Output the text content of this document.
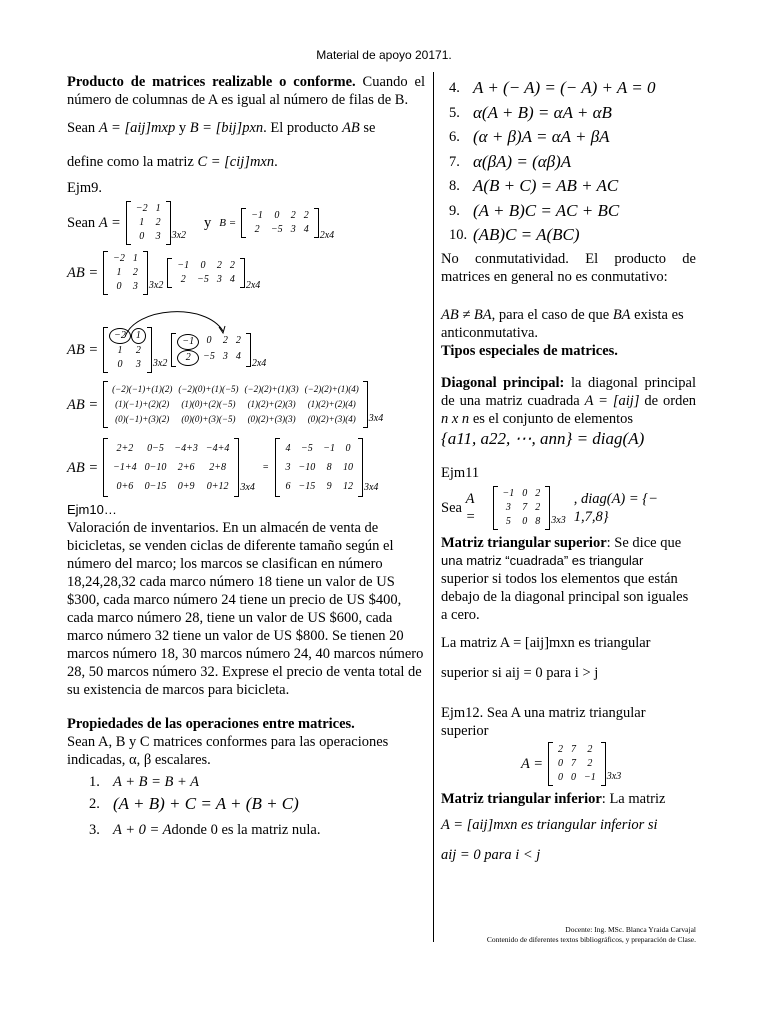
Material de apoyo 20171.

Producto de matrices realizable o conforme. Cuando el número de columnas de A es igual al número de filas de B.

Sean A = [aij]mxp y B = [bij]pxn. El producto AB se
define como la matriz C = [cij]mxn.

Ejm9.

Sean
A =
−2 1
1	2
0	3	3x2
y B =
−1	0	2 2
2	−5 3 4
2x4
AB =
−2 1
1	2
0	3	3x2
−1	0	2 2
2	−5 3 4
2x4
AB =
−2	1
1	2
0	3	3x2
−1	0	2 2
2	−5 3 4
2x4
AB =
(−2)(−1)+(1)(2) (−2)(0)+(1)(−5) (−2)(2)+(1)(3) (−2)(2)+(1)(4)
(1)(−1)+(2)(2)	(1)(0)+(2)(−5)	(1)(2)+(2)(3)	(1)(2)+(2)(4)
(0)(−1)+(3)(2)	(0)(0)+(3)(−5)	(0)(2)+(3)(3)	(0)(2)+(3)(4)	3x4
AB =
2+2	0−5	−4+3 −4+4
−1+4 0−10	2+6	2+8
0+6	0−15	0+9	0+12	3x4
=
4	−5	−1	0
3 −10	8	10
6 −15	9	12	3x4

Ejm10…

Valoración de inventarios. En un almacén de venta de bicicletas, se venden ciclas de diferente tamaño según el número del marco; los marcos se clasifican en número 18,24,28,32 cada marco número 18 tiene un valor de US $300, cada marco número 24 tiene un precio de US $400, cada marco número 28, tiene un valor de US $600, cada marco número 32 tiene un valor de US $800. Se tienen 20 marcos número 18, 30 marcos número 24, 40 marcos número 28, 50 marcos número 32. Exprese el precio de venta total de su existencia de marcos para bicicleta.

Propiedades de las operaciones entre matrices.

Sean A, B y C matrices conformes para las operaciones indicadas, α, β escalares.

1. A + B = B + A
2. (A + B) + C = A + (B + C)
3. A + 0 = A donde 0 es la matriz nula.
4. A + (− A) = (− A) + A = 0
5. α(A + B) = αA + αB
6. (α + β)A = αA + βA
7. α(βA) = (αβ)A
8. A(B + C) = AB + AC
9. (A + B)C = AC + BC
10. (AB)C = A(BC)

No conmutatividad. El producto de matrices en general no es conmutativo:

AB ≠ BA, para el caso de que BA exista es anticonmutativa.

Tipos especiales de matrices.

Diagonal principal: la diagonal principal de una matriz cuadrada A = [aij] de orden n x n es el conjunto de elementos

{a11, a22, ⋯, ann} = diag(A)

Ejm11

Sea

A =
−1 0 2
3	7 2
5	0 8	3x3
, diag(A) = {− 1,7,8}

Matriz triangular superior: Se dice que

una matriz “cuadrada” es triangular

superior si todos los elementos que están debajo de la diagonal principal son iguales a cero.

La matriz A = [aij]mxn es triangular

superior si aij = 0 para i > j

Ejm12. Sea A una matriz triangular superior

A =
2 7	2
0 7	2
0 0 −1	3x3

Matriz triangular inferior: La matriz

A = [aij]mxn es triangular inferior si

aij = 0 para i < j

Docente: Ing. MSc. Blanca Yraida Carvajal
Contenido de diferentes textos bibliográficos, y preparación de Clase.
